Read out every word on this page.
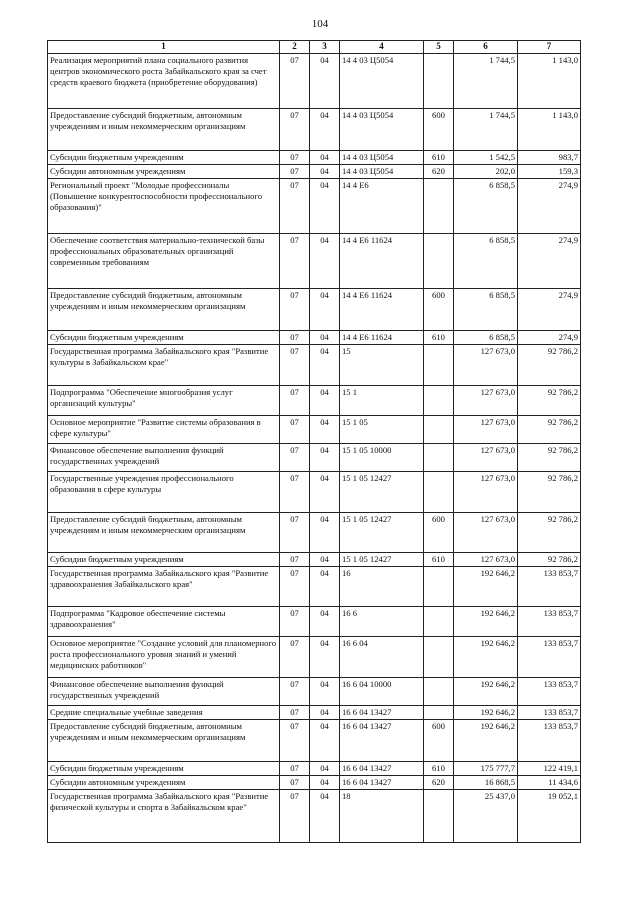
104
1	2	3	4	5	6	7
Реализация мероприятий плана социального развития центров экономического роста Забайкальского края за счет средств краевого бюджета (приобретение оборудования)	07	04	14 4 03 Ц5054		1 744,5	1 143,0
Предоставление субсидий бюджетным, автономным учреждениям и иным некоммерческим организациям	07	04	14 4 03 Ц5054	600	1 744,5	1 143,0
Субсидии бюджетным учреждениям	07	04	14 4 03 Ц5054	610	1 542,5	983,7
Субсидии автономным учреждениям	07	04	14 4 03 Ц5054	620	202,0	159,3
Региональный проект "Молодые профессионалы (Повышение конкурентоспособности профессионального образования)"	07	04	14 4 Е6		6 858,5	274,9
Обеспечение соответствия материально-технической базы профессиональных образовательных организаций современным требованиям	07	04	14 4 Е6 11624		6 858,5	274,9
Предоставление субсидий бюджетным, автономным учреждениям и иным некоммерческим организациям	07	04	14 4 Е6 11624	600	6 858,5	274,9
Субсидии бюджетным учреждениям	07	04	14 4 Е6 11624	610	6 858,5	274,9
Государственная программа Забайкальского края "Развитие культуры в Забайкальском крае"	07	04	15		127 673,0	92 786,2
Подпрограмма "Обеспечение многообразия услуг организаций культуры"	07	04	15 1		127 673,0	92 786,2
Основное мероприятие "Развитие системы образования в сфере культуры"	07	04	15 1 05		127 673,0	92 786,2
Финансовое обеспечение выполнения функций государственных учреждений	07	04	15 1 05 10000		127 673,0	92 786,2
Государственные учреждения профессионального образования в сфере культуры	07	04	15 1 05 12427		127 673,0	92 786,2
Предоставление субсидий бюджетным, автономным учреждениям и иным некоммерческим организациям	07	04	15 1 05 12427	600	127 673,0	92 786,2
Субсидии бюджетным учреждениям	07	04	15 1 05 12427	610	127 673,0	92 786,2
Государственная программа Забайкальского края "Развитие здравоохранения Забайкальского края"	07	04	16		192 646,2	133 853,7
Подпрограмма "Кадровое обеспечение системы здравоохранения"	07	04	16 6		192 646,2	133 853,7
Основное мероприятие "Создание условий для планомерного роста профессионального уровня знаний и умений медицинских работников"	07	04	16 6 04		192 646,2	133 853,7
Финансовое обеспечение выполнения функций государственных учреждений	07	04	16 6 04 10000		192 646,2	133 853,7
Средние специальные учебные заведения	07	04	16 6 04 13427		192 646,2	133 853,7
Предоставление субсидий бюджетным, автономным учреждениям и иным некоммерческим организациям	07	04	16 6 04 13427	600	192 646,2	133 853,7
Субсидии бюджетным учреждениям	07	04	16 6 04 13427	610	175 777,7	122 419,1
Субсидии автономным учреждениям	07	04	16 6 04 13427	620	16 868,5	11 434,6
Государственная программа Забайкальского края "Развитие физической культуры и спорта в Забайкальском крае"	07	04	18		25 437,0	19 052,1
